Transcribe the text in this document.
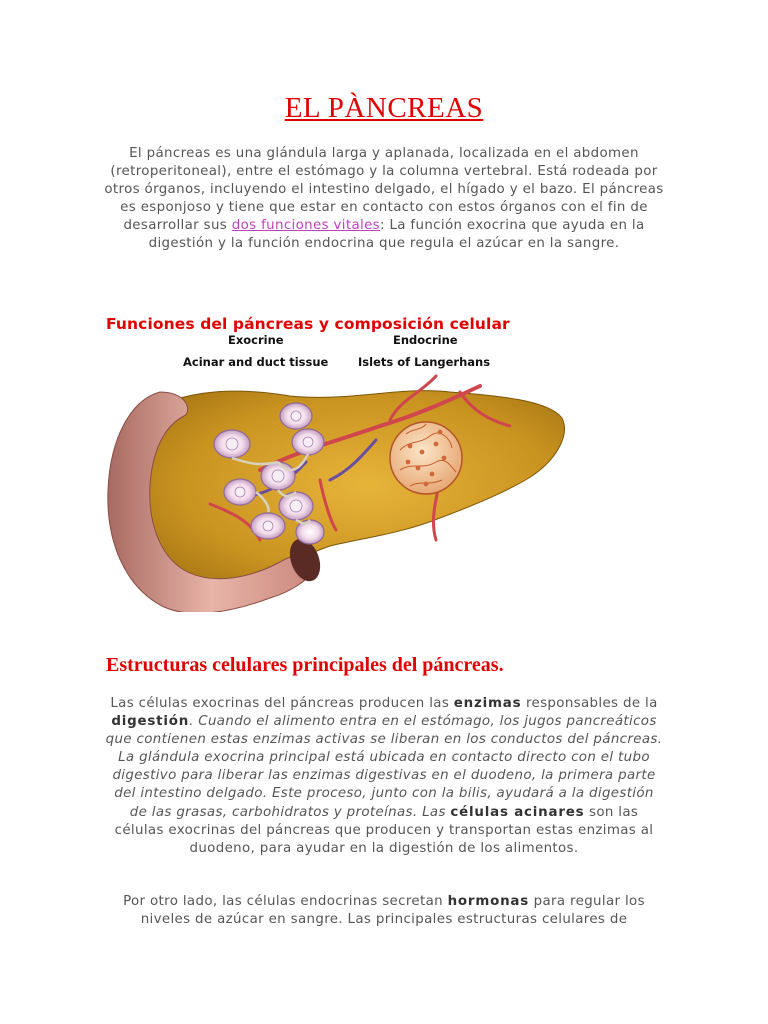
EL PÀNCREAS

El páncreas es una glándula larga y aplanada, localizada en el abdomen (retroperitoneal), entre el estómago y la columna vertebral. Está rodeada por otros órganos, incluyendo el intestino delgado, el hígado y el bazo. El páncreas es esponjoso y tiene que estar en contacto con estos órganos con el fin de desarrollar sus dos funciones vitales: La función exocrina que ayuda en la digestión y la función endocrina que regula el azúcar en la sangre.

Funciones del páncreas y composición celular
Exocrine
Acinar and duct tissue
Endocrine
Islets of Langerhans
Estructuras celulares principales del páncreas.

Las células exocrinas del páncreas producen las enzimas responsables de la digestión. Cuando el alimento entra en el estómago, los jugos pancreáticos que contienen estas enzimas activas se liberan en los conductos del páncreas. La glándula exocrina principal está ubicada en contacto directo con el tubo digestivo para liberar las enzimas digestivas en el duodeno, la primera parte del intestino delgado. Este proceso, junto con la bilis, ayudará a la digestión de las grasas, carbohidratos y proteínas. Las células acinares son las células exocrinas del páncreas que producen y transportan estas enzimas al duodeno, para ayudar en la digestión de los alimentos.

Por otro lado, las células endocrinas secretan hormonas para regular los niveles de azúcar en sangre. Las principales estructuras celulares de
